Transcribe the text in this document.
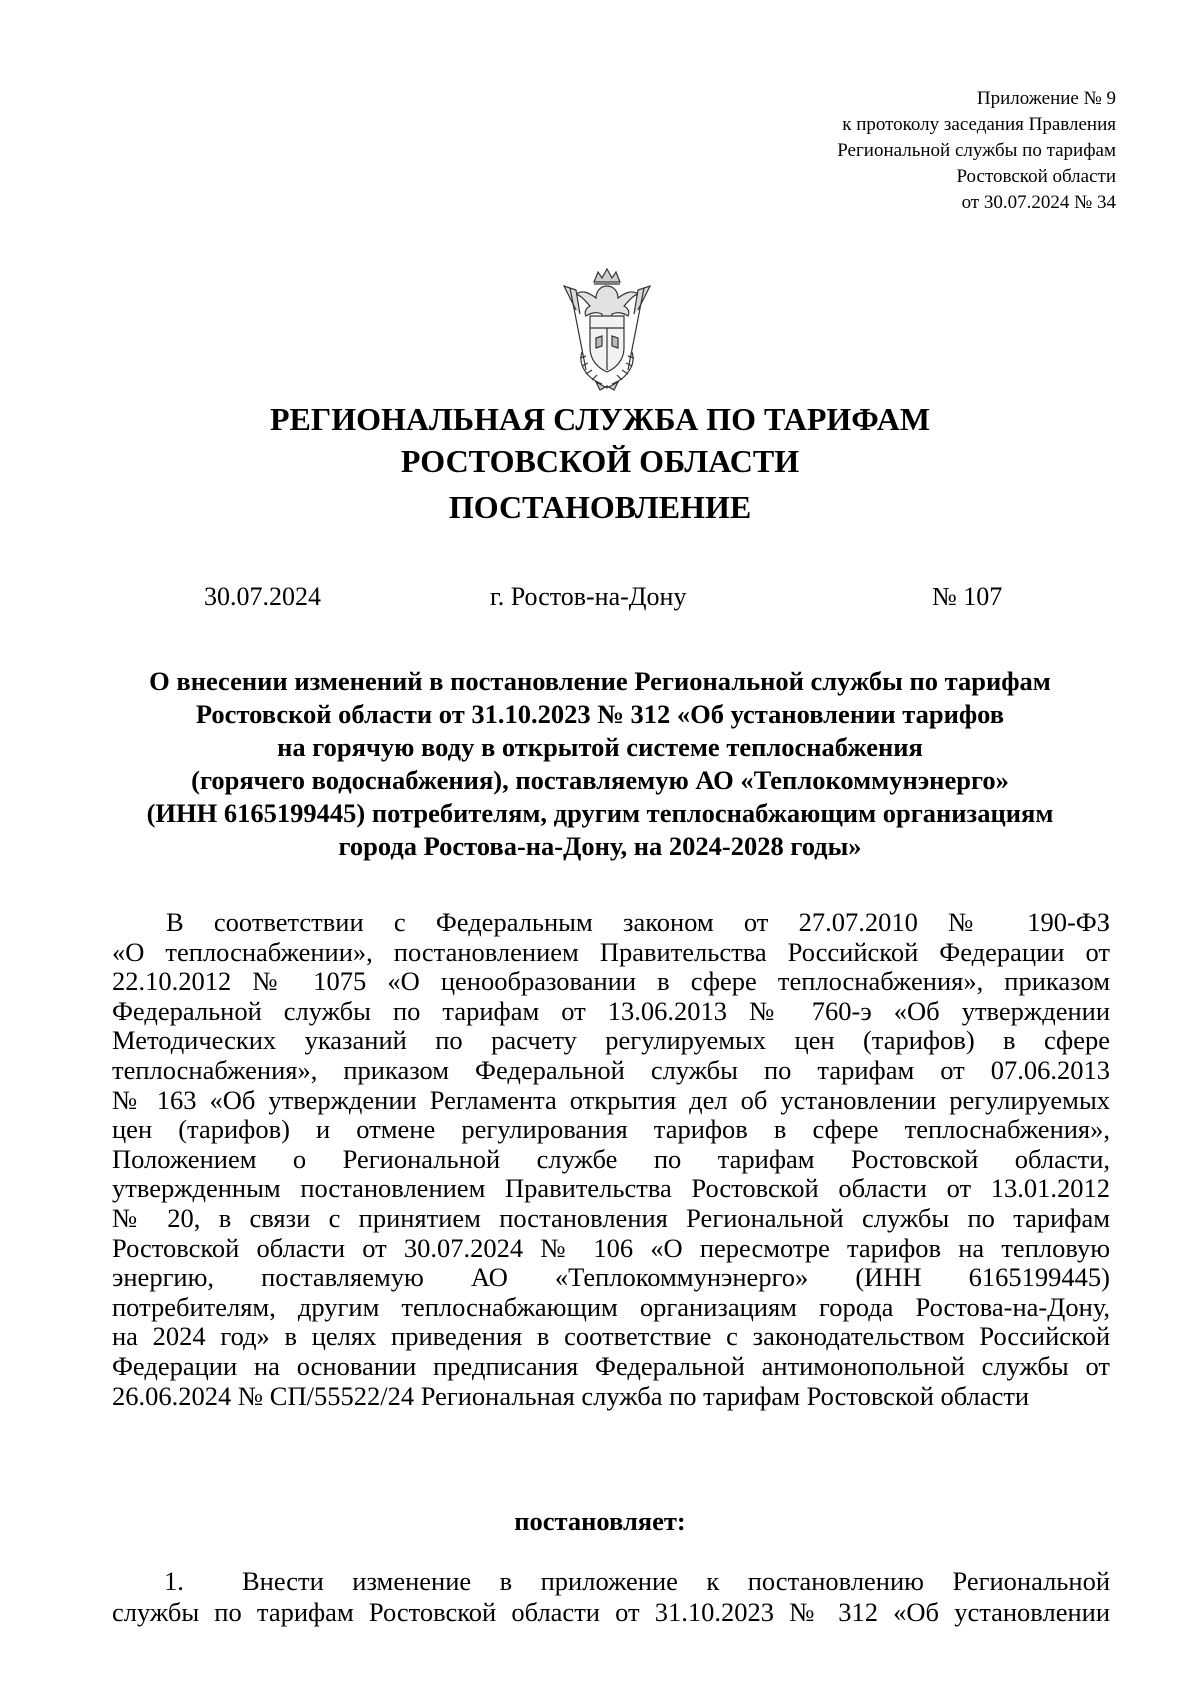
Приложение № 9
к протоколу заседания Правления
Региональной службы по тарифам
Ростовской области
от 30.07.2024 № 34
РЕГИОНАЛЬНАЯ СЛУЖБА ПО ТАРИФАМ
РОСТОВСКОЙ ОБЛАСТИ
ПОСТАНОВЛЕНИЕ
30.07.2024	г. Ростов-на-Дону	№ 107
О внесении изменений в постановление Региональной службы по тарифам
Ростовской области от 31.10.2023 № 312 «Об установлении тарифов
на горячую воду в открытой системе теплоснабжения
(горячего водоснабжения), поставляемую АО «Теплокоммунэнерго»
(ИНН 6165199445) потребителям, другим теплоснабжающим организациям
города Ростова-на-Дону, на 2024-2028 годы»
В соответствии с Федеральным законом от 27.07.2010 № 190-ФЗ
«О теплоснабжении», постановлением Правительства Российской Федерации от
22.10.2012 № 1075 «О ценообразовании в сфере теплоснабжения», приказом
Федеральной службы по тарифам от 13.06.2013 № 760-э «Об утверждении
Методических указаний по расчету регулируемых цен (тарифов) в сфере
теплоснабжения», приказом Федеральной службы по тарифам от 07.06.2013
№ 163 «Об утверждении Регламента открытия дел об установлении регулируемых
цен (тарифов) и отмене регулирования тарифов в сфере теплоснабжения»,
Положением о Региональной службе по тарифам Ростовской области,
утвержденным постановлением Правительства Ростовской области от 13.01.2012
№ 20, в связи с принятием постановления Региональной службы по тарифам
Ростовской области от 30.07.2024 № 106 «О пересмотре тарифов на тепловую
энергию, поставляемую АО «Теплокоммунэнерго» (ИНН 6165199445)
потребителям, другим теплоснабжающим организациям города Ростова-на-Дону,
на 2024 год» в целях приведения в соответствие с законодательством Российской
Федерации на основании предписания Федеральной антимонопольной службы от
26.06.2024 № СП/55522/24 Региональная служба по тарифам Ростовской области
постановляет:
1. Внести изменение в приложение к постановлению Региональной
службы по тарифам Ростовской области от 31.10.2023 № 312 «Об установлении
